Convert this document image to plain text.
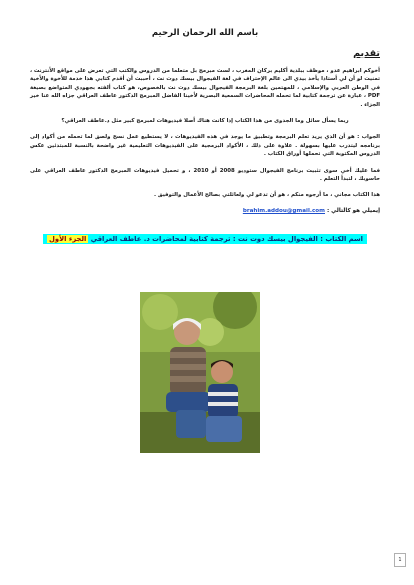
باسم الله الرحمان الرحيم
تقديم

أخوكم ابراهيم عدو ، موظف ببلدية أكليم بركان المغرب ، لست مبرمج بل متعلما من الدروس والكتب التي تعرض على مواقع الأنترنت ، تمنيت لو أن لي أستاذا يأخذ بيدي الى عالم الإحتراف في لغة الفيجوال بيسك دوت نت ، أحببت أن أقدم كتابي هذا خدمة للأخوة والأخية في الوطن العربي والإسلامي ، للمهتمين بلغة البرمجة الفيجوال بيسك دوت نت بالخصوص، هو كتاب ألفته بجهودي المتواضع بصيغة PDF ، عبارة عن ترجمة كتابية لما تحمله المحاضرات السمعية البصرية لأخينا الفاضل المبرمج الدكتور عاطف العراقي جزاه الله عنا خير الجزاء .

ربما يسأل سائل وما الجدوى من هذا الكتاب إذا كانت هناك أصلا فيديوهات لمبرمج كبير مثل د.عاطف العراقي؟

الجواب : هو أن الذي يريد تعلم البرمجة وتطبيق ما يوجد في هذه الفيديوهات ، لا يستطيع عمل نسخ ولصق لما تحمله من أكواد إلى برنامجه ليتدرب عليها بسهولة . علاوة على ذلك ، الأكواد البرمجية على الفيديوهات التعليمية غير واضحة بالنسبة للمبتدئين عكس الدروس المكتوبة التي تحملها أوراق الكتاب .

فما عليك أخي سوى تثبيت برنامج الفيجوال ستوديو 2008 أو 2010 ، و تحميل فيديوهات المبرمج الدكتور عاطف العراقي على حاسوبك ، لتبدأ التعلم .

هذا الكتاب مجاني ، ما أرجوه منكم ، هو أن تدعو لي ولعائلتي بصالح الأعمال والتوفيق .

إيميلي هو كالتالي : brahim.addou@gmail.com
اسم الكتاب : الفيجوال بيسك دوت نت : ترجمة كتابية لمحاضرات د. عاطف العراقي الجزء الأول
1
